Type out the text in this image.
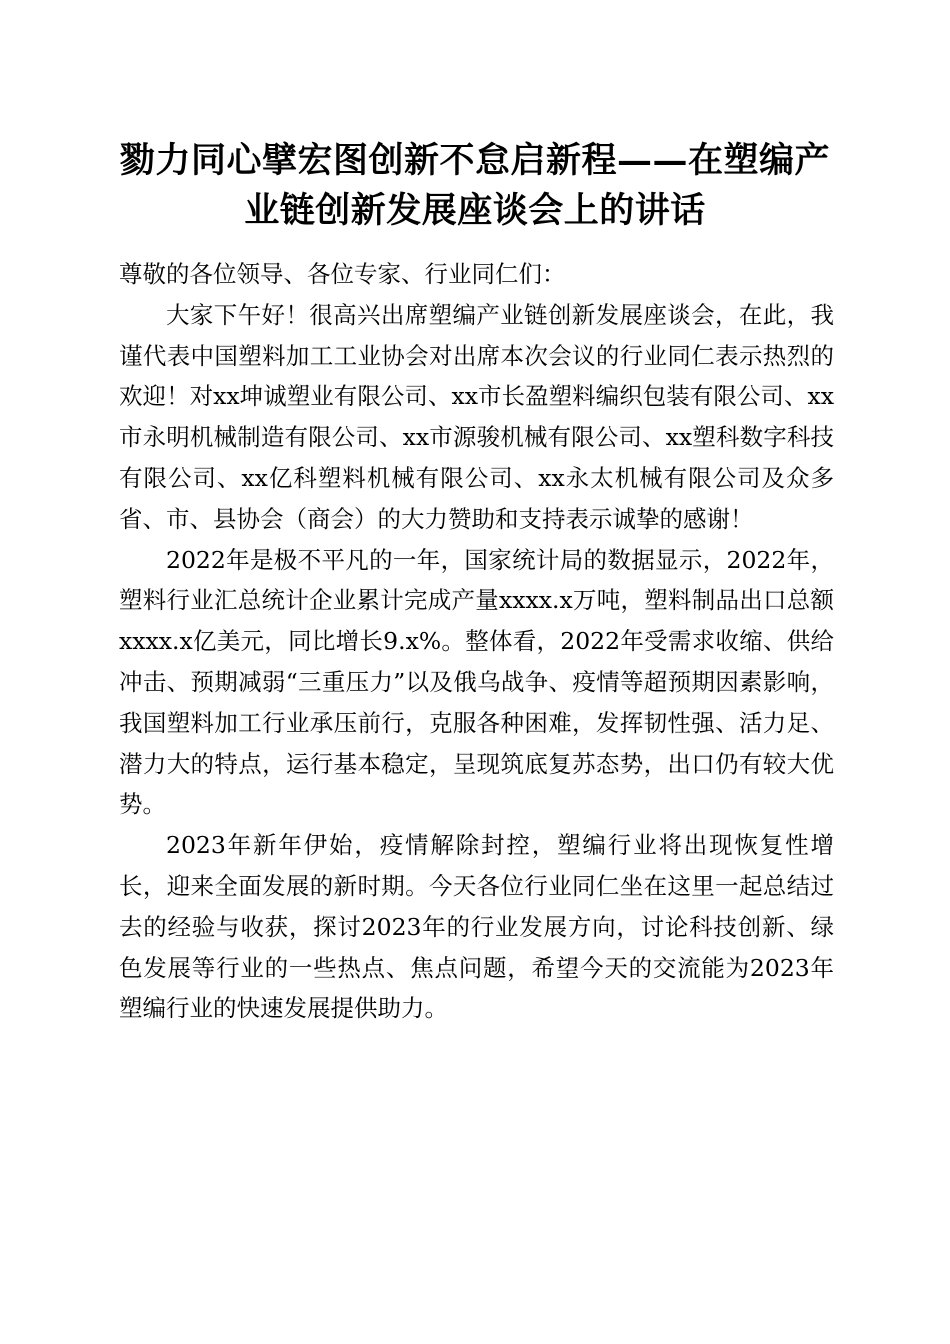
勠力同心擘宏图创新不怠启新程——在塑编产
业链创新发展座谈会上的讲话

尊敬的各位领导、各位专家、行业同仁们：

大家下午好！很高兴出席塑编产业链创新发展座谈会，在此，我谨代表中国塑料加工工业协会对出席本次会议的行业同仁表示热烈的欢迎！对xx坤诚塑业有限公司、xx市长盈塑料编织包装有限公司、xx市永明机械制造有限公司、xx市源骏机械有限公司、xx塑科数字科技有限公司、xx亿科塑料机械有限公司、xx永太机械有限公司及众多省、市、县协会（商会）的大力赞助和支持表示诚挚的感谢！

2022年是极不平凡的一年，国家统计局的数据显示，2022年，塑料行业汇总统计企业累计完成产量xxxx.x万吨，塑料制品出口总额xxxx.x亿美元，同比增长9.x%。整体看，2022年受需求收缩、供给冲击、预期减弱“三重压力”以及俄乌战争、疫情等超预期因素影响，我国塑料加工行业承压前行，克服各种困难，发挥韧性强、活力足、潜力大的特点，运行基本稳定，呈现筑底复苏态势，出口仍有较大优势。

2023年新年伊始，疫情解除封控，塑编行业将出现恢复性增长，迎来全面发展的新时期。今天各位行业同仁坐在这里一起总结过去的经验与收获，探讨2023年的行业发展方向，讨论科技创新、绿色发展等行业的一些热点、焦点问题，希望今天的交流能为2023年塑编行业的快速发展提供助力。
